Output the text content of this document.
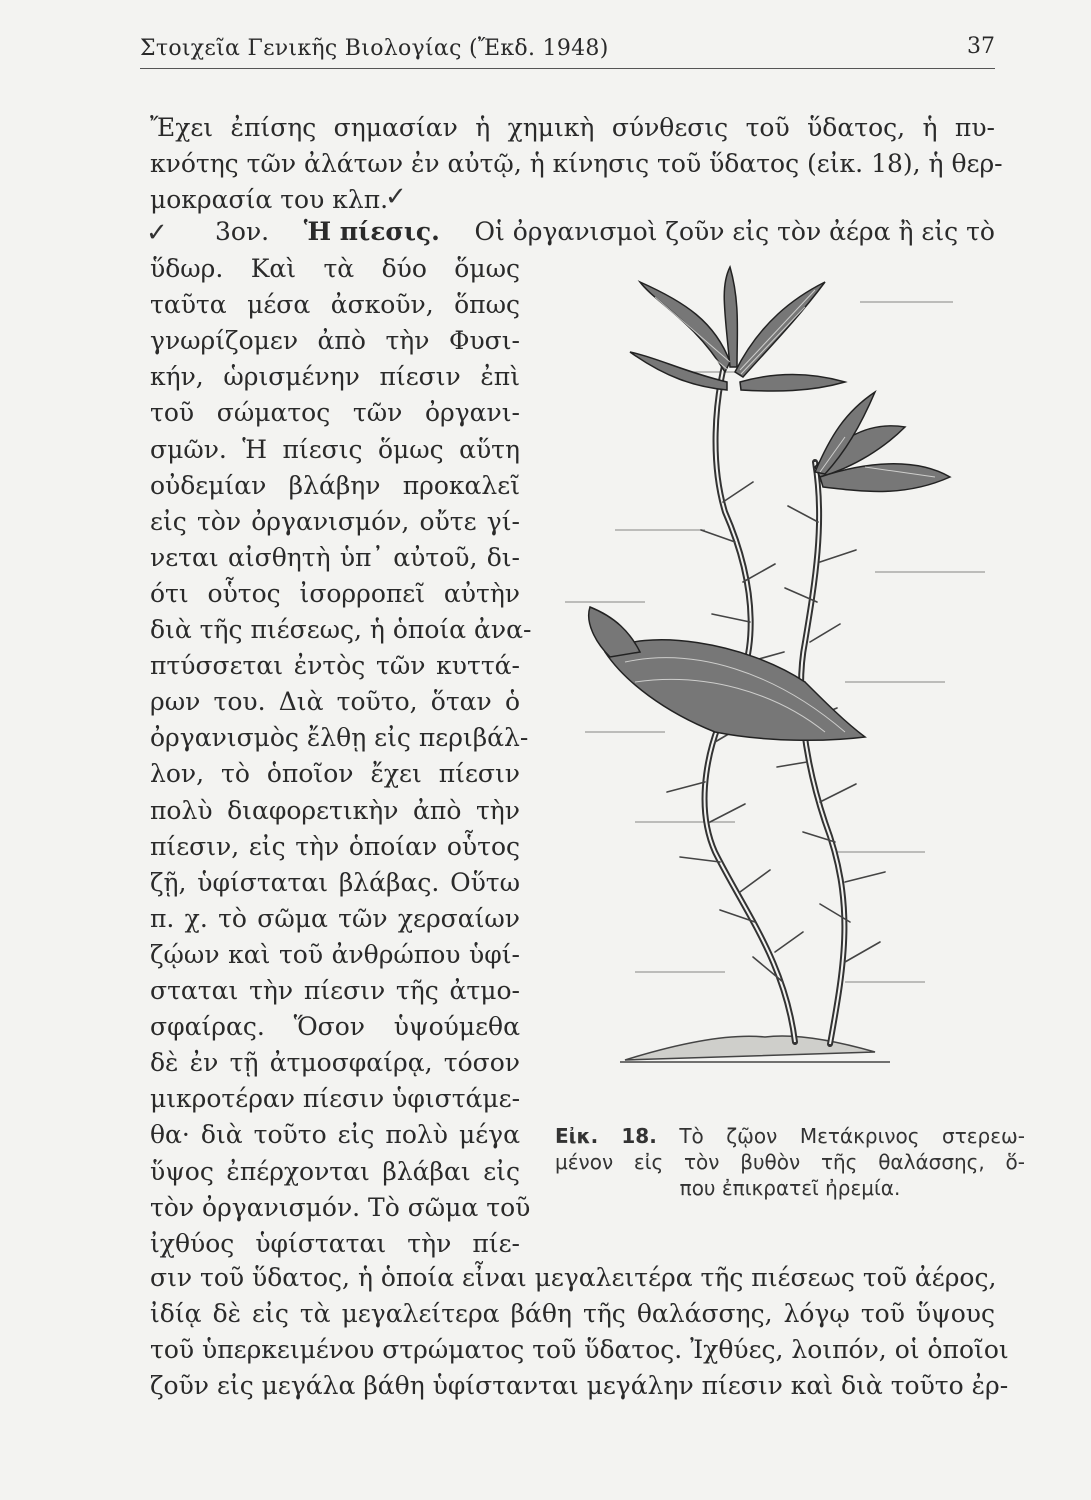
Στοιχεῖα Γενικῆς Βιολογίας (Ἔκδ. 1948)	37
Ἔχει ἐπίσης σημασίαν ἡ χημικὴ σύνθεσις τοῦ ὕδατος, ἡ πυ-
κνότης τῶν ἀλάτων ἐν αὐτῷ, ἡ κίνησις τοῦ ὕδατος (εἰκ. 18), ἡ θερ-
μοκρασία του κλπ.
✓
✓ 3ον. Ἡ πίεσις. Οἱ ὀργανισμοὶ ζοῦν εἰς τὸν ἀέρα ἢ εἰς τὸ
ὕδωρ. Καὶ τὰ δύο ὅμως
ταῦτα μέσα ἀσκοῦν, ὅπως
γνωρίζομεν ἀπὸ τὴν Φυσι-
κήν, ὡρισμένην πίεσιν ἐπὶ
τοῦ σώματος τῶν ὀργανι-
σμῶν. Ἡ πίεσις ὅμως αὕτη
οὐδεμίαν βλάβην προκαλεῖ
εἰς τὸν ὀργανισμόν, οὔτε γί-
νεται αἰσθητὴ ὑπ᾽ αὐτοῦ, δι-
ότι οὗτος ἰσορροπεῖ αὐτὴν
διὰ τῆς πιέσεως, ἡ ὁποία ἀνα-
πτύσσεται ἐντὸς τῶν κυττά-
ρων του. Διὰ τοῦτο, ὅταν ὁ
ὀργανισμὸς ἔλθῃ εἰς περιβάλ-
λον, τὸ ὁποῖον ἔχει πίεσιν
πολὺ διαφορετικὴν ἀπὸ τὴν
πίεσιν, εἰς τὴν ὁποίαν οὗτος
ζῇ, ὑφίσταται βλάβας. Οὕτω
π. χ. τὸ σῶμα τῶν χερσαίων
ζῴων καὶ τοῦ ἀνθρώπου ὑφί-
σταται τὴν πίεσιν τῆς ἀτμο-
σφαίρας. Ὅσον ὑψούμεθα
δὲ ἐν τῇ ἀτμοσφαίρᾳ, τόσον
μικροτέραν πίεσιν ὑφιστάμε-
θα· διὰ τοῦτο εἰς πολὺ μέγα
ὕψος ἐπέρχονται βλάβαι εἰς
τὸν ὀργανισμόν. Τὸ σῶμα τοῦ
ἰχθύος ὑφίσταται τὴν πίε-
Εἰκ. 18. Τὸ ζῷον Μετάκρινος στερεω-
μένον εἰς τὸν βυθὸν τῆς θαλάσσης, ὅ-
που ἐπικρατεῖ ἠρεμία.
σιν τοῦ ὕδατος, ἡ ὁποία εἶναι μεγαλειτέρα τῆς πιέσεως τοῦ ἀέρος,
ἰδίᾳ δὲ εἰς τὰ μεγαλείτερα βάθη τῆς θαλάσσης, λόγῳ τοῦ ὕψους
τοῦ ὑπερκειμένου στρώματος τοῦ ὕδατος. Ἰχθύες, λοιπόν, οἱ ὁποῖοι
ζοῦν εἰς μεγάλα βάθη ὑφίστανται μεγάλην πίεσιν καὶ διὰ τοῦτο ἐρ-
